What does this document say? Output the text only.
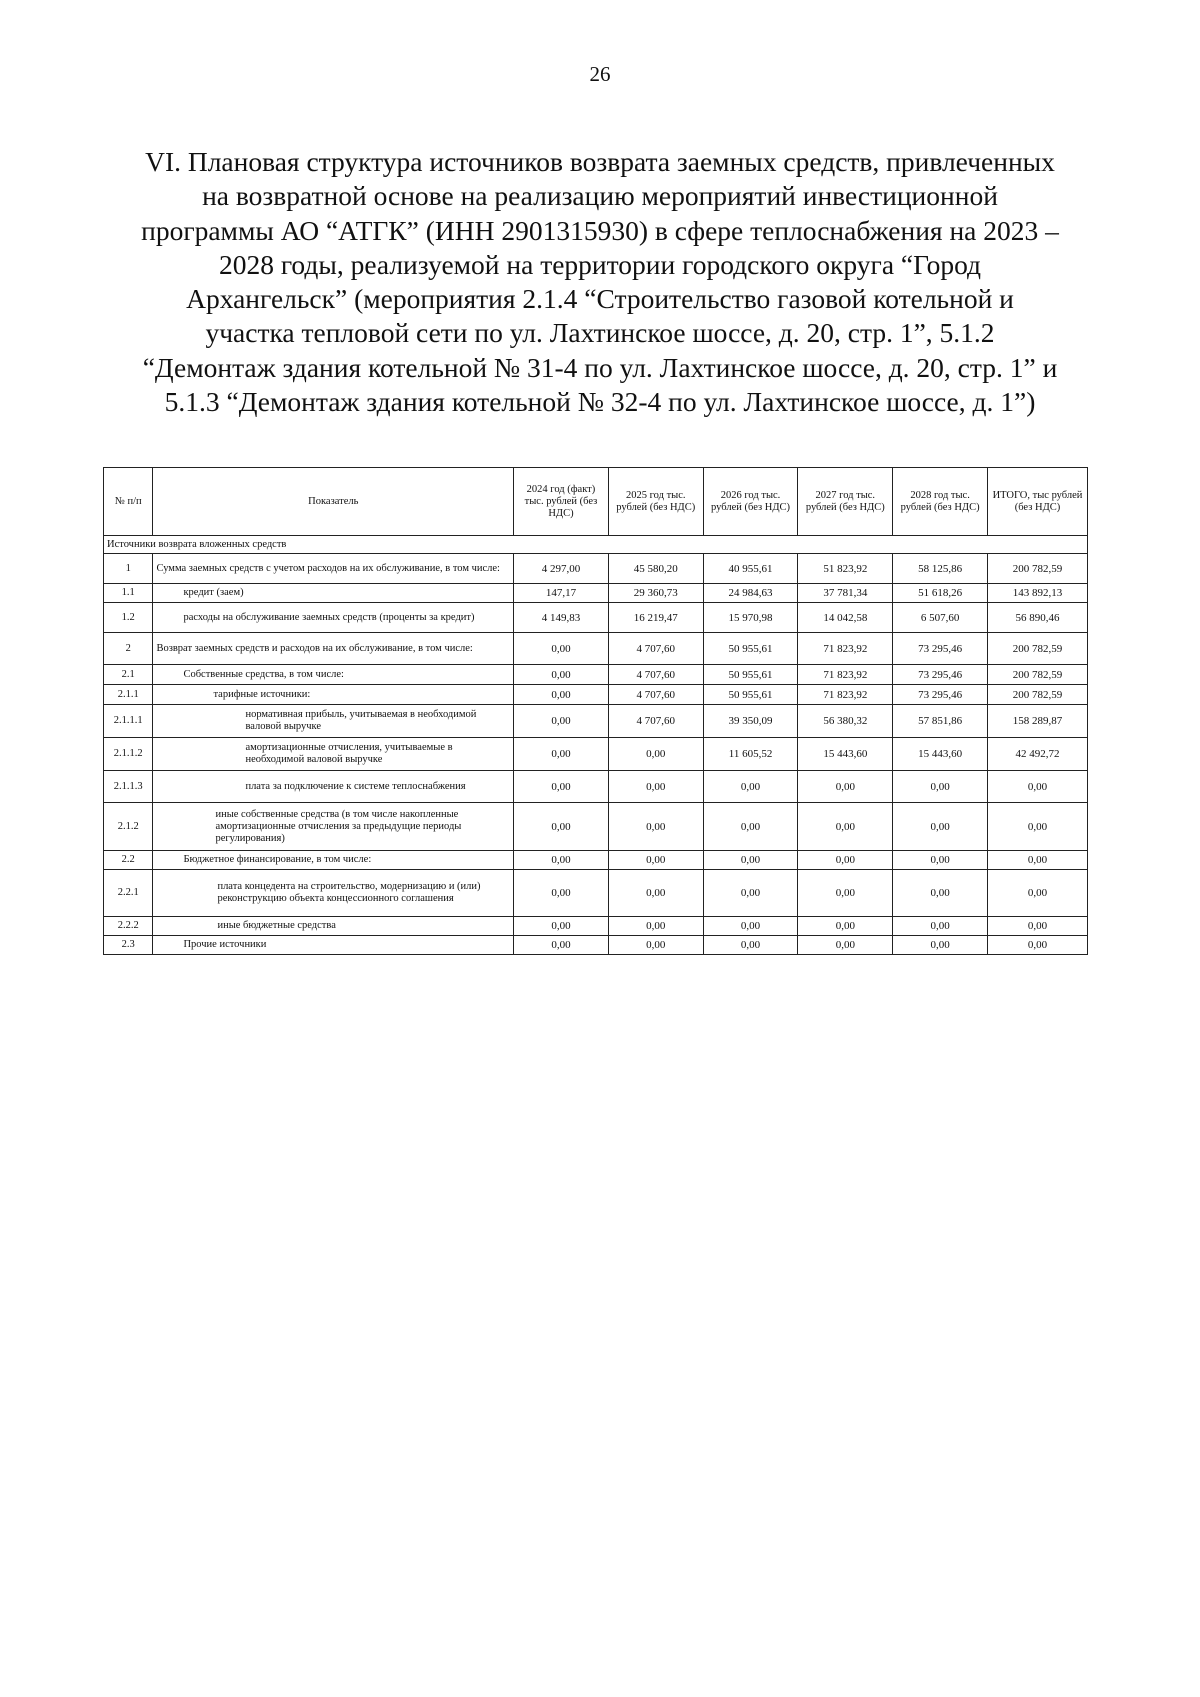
26
VI. Плановая структура источников возврата заемных средств, привлеченных
на возвратной основе на реализацию мероприятий инвестиционной
программы АО “АТГК” (ИНН 2901315930) в сфере теплоснабжения на 2023 –
2028 годы, реализуемой на территории городского округа “Город
Архангельск” (мероприятия 2.1.4 “Строительство газовой котельной и
участка тепловой сети по ул. Лахтинское шоссе, д. 20, стр. 1”, 5.1.2
“Демонтаж здания котельной № 31-4 по ул. Лахтинское шоссе, д. 20, стр. 1” и
5.1.3 “Демонтаж здания котельной № 32-4 по ул. Лахтинское шоссе, д. 1”)
№ п/п	Показатель	2024 год (факт) тыс. рублей (без НДС)	2025 год тыс. рублей (без НДС)	2026 год тыс. рублей (без НДС)	2027 год тыс. рублей (без НДС)	2028 год тыс. рублей (без НДС)	ИТОГО, тыс рублей (без НДС)
Источники возврата вложенных средств							
1	Сумма заемных средств с учетом расходов на их обслуживание, в том числе:	4 297,00	45 580,20	40 955,61	51 823,92	58 125,86	200 782,59
1.1	кредит (заем)	147,17	29 360,73	24 984,63	37 781,34	51 618,26	143 892,13
1.2	расходы на обслуживание заемных средств (проценты за кредит)	4 149,83	16 219,47	15 970,98	14 042,58	6 507,60	56 890,46
2	Возврат заемных средств и расходов на их обслуживание, в том числе:	0,00	4 707,60	50 955,61	71 823,92	73 295,46	200 782,59
2.1	Собственные средства, в том числе:	0,00	4 707,60	50 955,61	71 823,92	73 295,46	200 782,59
2.1.1	тарифные источники:	0,00	4 707,60	50 955,61	71 823,92	73 295,46	200 782,59
2.1.1.1	нормативная прибыль, учитываемая в необходимой валовой выручке	0,00	4 707,60	39 350,09	56 380,32	57 851,86	158 289,87
2.1.1.2	амортизационные отчисления, учитываемые в необходимой валовой выручке	0,00	0,00	11 605,52	15 443,60	15 443,60	42 492,72
2.1.1.3	плата за подключение к системе теплоснабжения	0,00	0,00	0,00	0,00	0,00	0,00
2.1.2	иные собственные средства (в том числе накопленные амортизационные отчисления за предыдущие периоды регулирования)	0,00	0,00	0,00	0,00	0,00	0,00
2.2	Бюджетное финансирование, в том числе:	0,00	0,00	0,00	0,00	0,00	0,00
2.2.1	плата концедента на строительство, модернизацию и (или) реконструкцию объекта концессионного соглашения	0,00	0,00	0,00	0,00	0,00	0,00
2.2.2	иные бюджетные средства	0,00	0,00	0,00	0,00	0,00	0,00
2.3	Прочие источники	0,00	0,00	0,00	0,00	0,00	0,00
